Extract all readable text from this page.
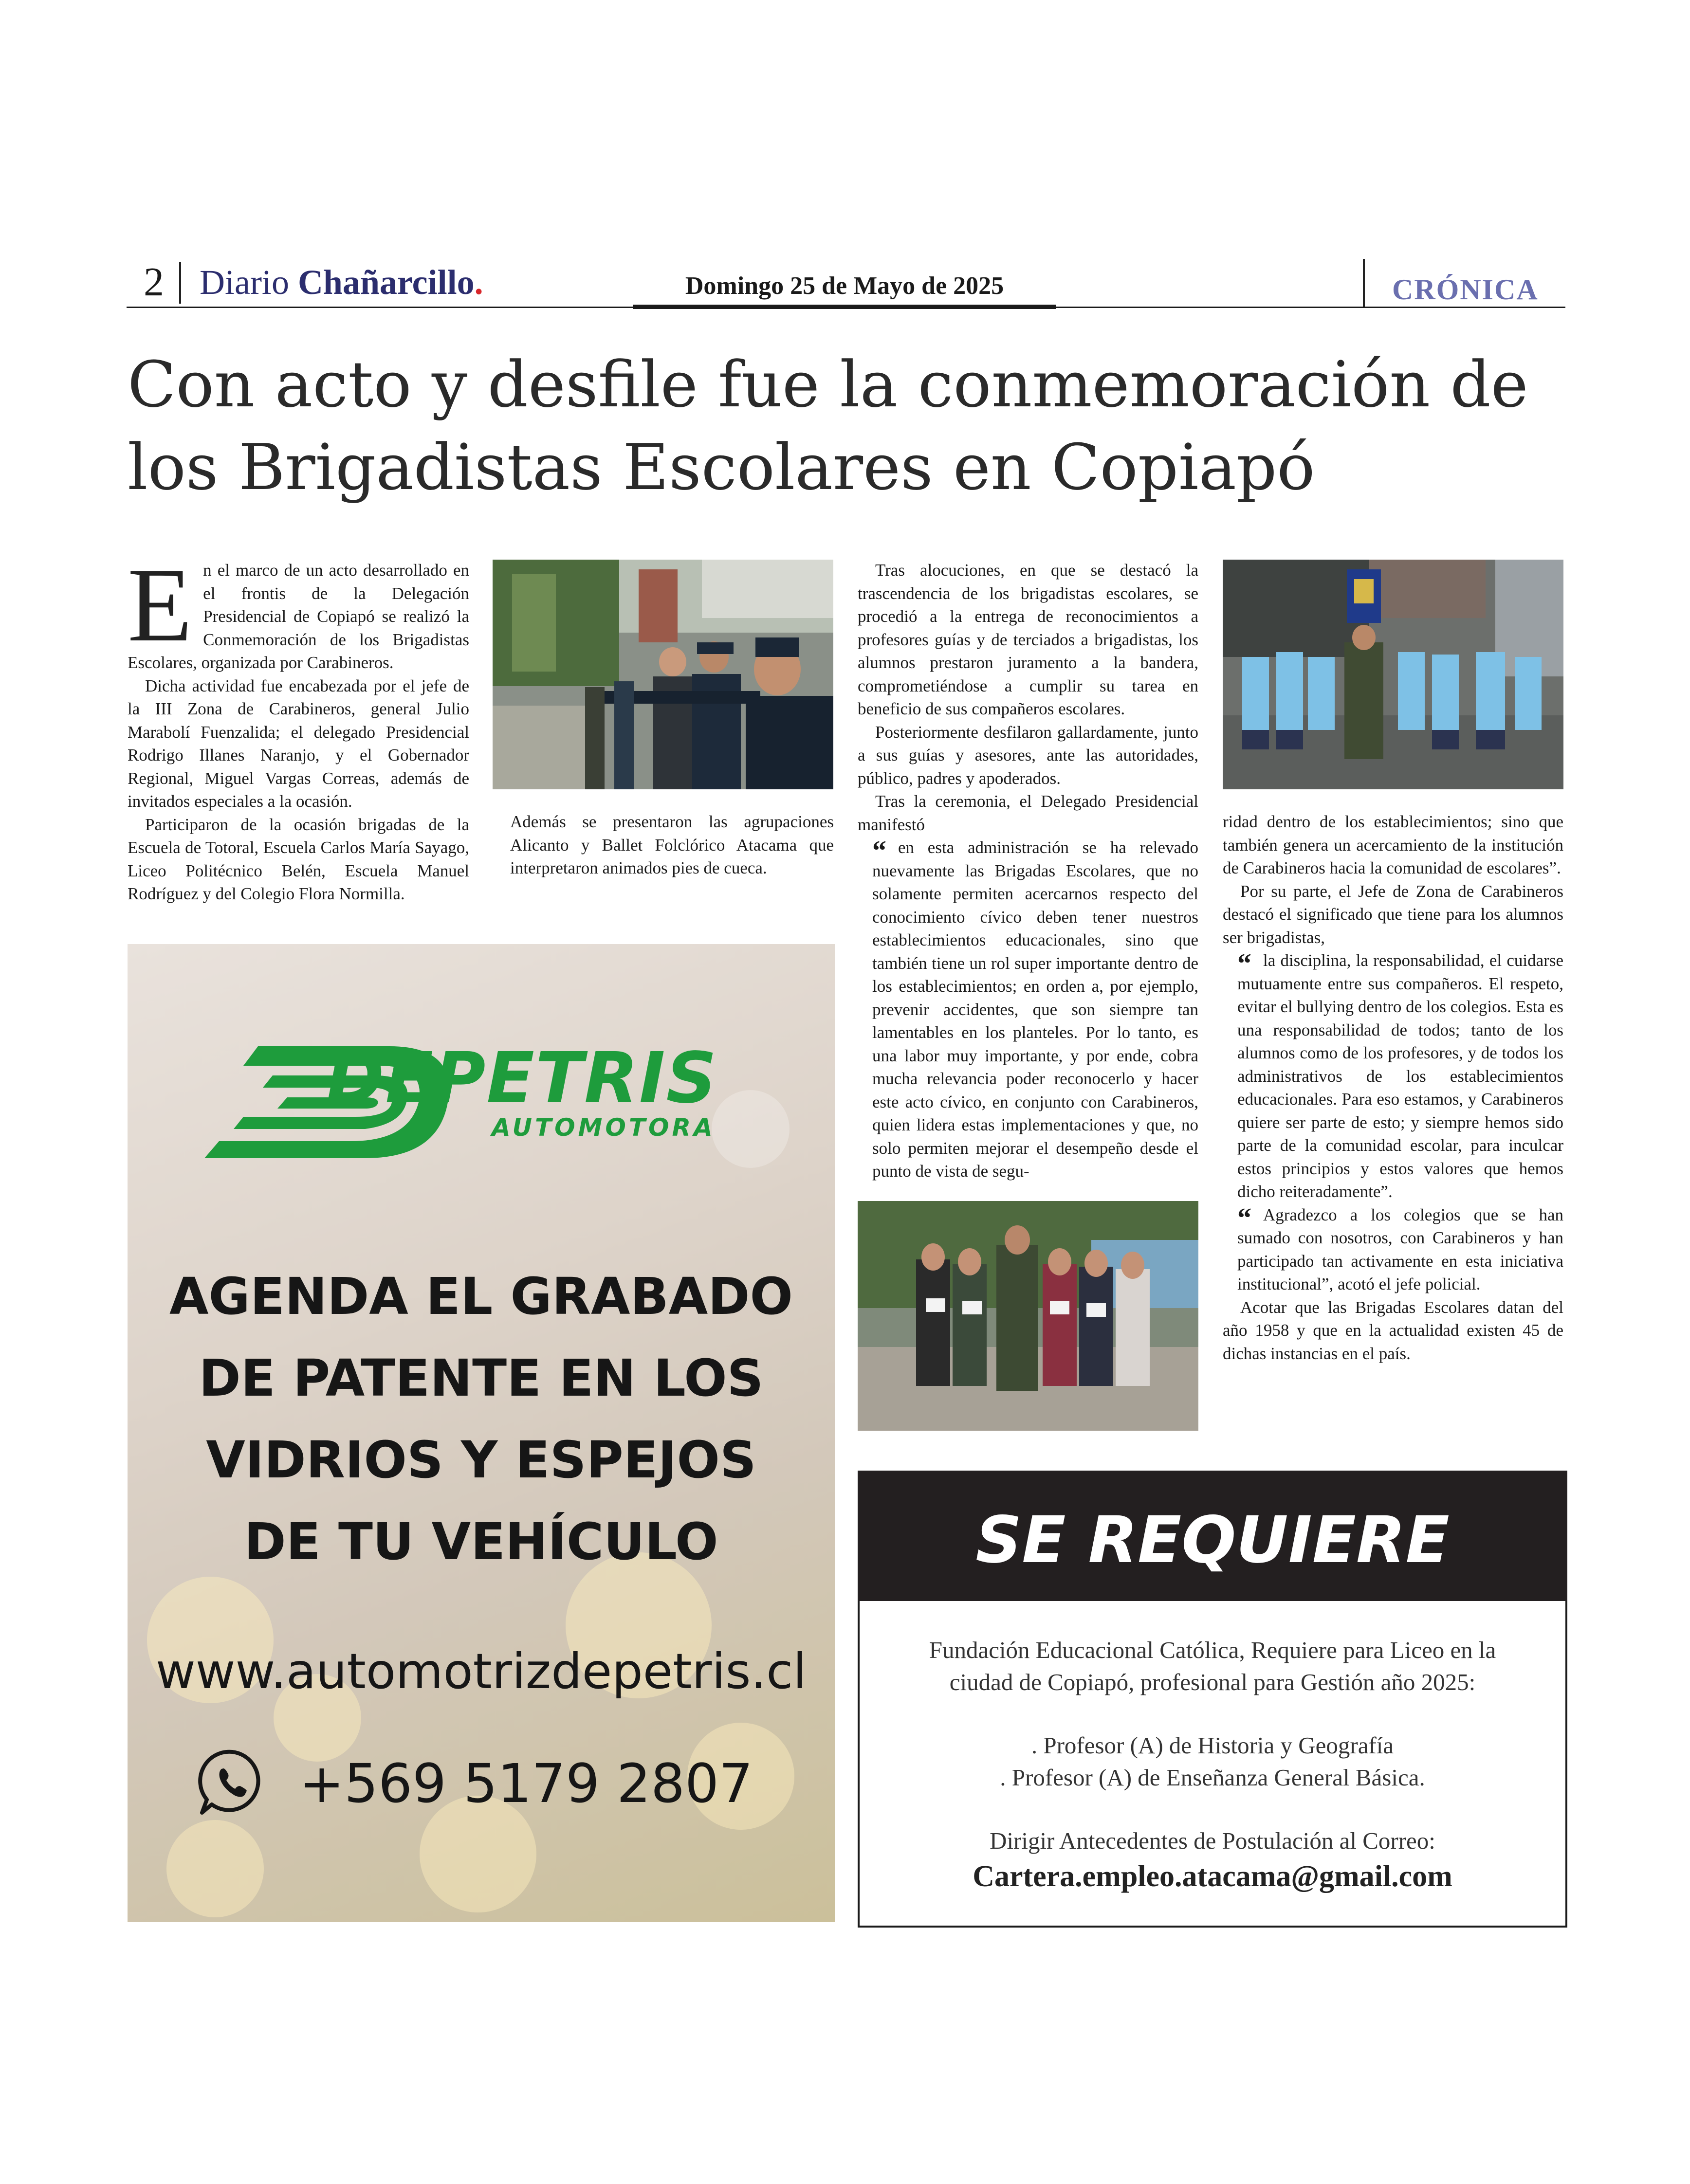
2 Diario Chañarcillo.	Domingo 25 de Mayo de 2025	CRÓNICA
Con acto y desfile fue la conmemoración de
los Brigadistas Escolares en Copiapó
E n el marco de un acto desarrollado en el frontis de la Delegación Presidencial de Copiapó se realizó la Conmemoración de los Brigadistas Escolares, organizada por Carabineros.

Dicha actividad fue encabezada por el jefe de la III Zona de Carabineros, general Julio Marabolí Fuenzalida; el delegado Presidencial Rodrigo Illanes Naranjo, y el Gobernador Regional, Miguel Vargas Correas, además de invitados especiales a la ocasión.

Participaron de la ocasión brigadas de la Escuela de Totoral, Escuela Carlos María Sayago, Liceo Politécnico Belén, Escuela Manuel Rodríguez y del Colegio Flora Normilla.

Además se presentaron las agrupaciones Alicanto y Ballet Folclórico Atacama que interpretaron animados pies de cueca.

Tras alocuciones, en que se destacó la trascendencia de los brigadistas escolares, se procedió a la entrega de reconocimientos a profesores guías y de terciados a brigadistas, los alumnos prestaron juramento a la bandera, comprometiéndose a cumplir su tarea en beneficio de sus compañeros escolares.

Posteriormente desfilaron gallardamente, junto a sus guías y asesores, ante las autoridades, público, padres y apoderados.

Tras la ceremonia, el Delegado Presidencial manifestó

“ en esta administración se ha relevado nuevamente las Brigadas Escolares, que no solamente permiten acercarnos respecto del conocimiento cívico deben tener nuestros establecimientos educacionales, sino que también tiene un rol super importante dentro de los establecimientos; en orden a, por ejemplo, prevenir accidentes, que son siempre tan lamentables en los planteles. Por lo tanto, es una labor muy importante, y por ende, cobra mucha relevancia poder reconocerlo y hacer este acto cívico, en conjunto con Carabineros, quien lidera estas implementaciones y que, no solo permiten mejorar el desempeño desde el punto de vista de segu-

ridad dentro de los establecimientos; sino que también genera un acercamiento de la institución de Carabineros hacia la comunidad de escolares”.

Por su parte, el Jefe de Zona de Carabineros destacó el significado que tiene para los alumnos ser brigadistas,

“ la disciplina, la responsabilidad, el cuidarse mutuamente entre sus compañeros. El respeto, evitar el bullying dentro de los colegios. Esta es una responsabilidad de todos; tanto de los alumnos como de los profesores, y de todos los administrativos de los establecimientos educacionales. Para eso estamos, y Carabineros quiere ser parte de esto; y siempre hemos sido parte de la comunidad escolar, para inculcar estos principios y estos valores que hemos dicho reiteradamente”.

“ Agradezco a los colegios que se han sumado con nosotros, con Carabineros y han participado tan activamente en esta iniciativa institucional”, acotó el jefe policial.

Acotar que las Brigadas Escolares datan del año 1958 y que en la actualidad existen 45 de dichas instancias en el país.

DEPETRIS
AUTOMOTORA
AGENDA EL GRABADO
DE PATENTE EN LOS
VIDRIOS Y ESPEJOS
DE TU VEHÍCULO
www.automotrizdepetris.cl
+569 5179 2807
SE REQUIERE

Fundación Educacional Católica, Requiere para Liceo en la ciudad de Copiapó, profesional para Gestión año 2025:

. Profesor (A) de Historia y Geografía

. Profesor (A) de Enseñanza General Básica.

Dirigir Antecedentes de Postulación al Correo:

Cartera.empleo.atacama@gmail.com
